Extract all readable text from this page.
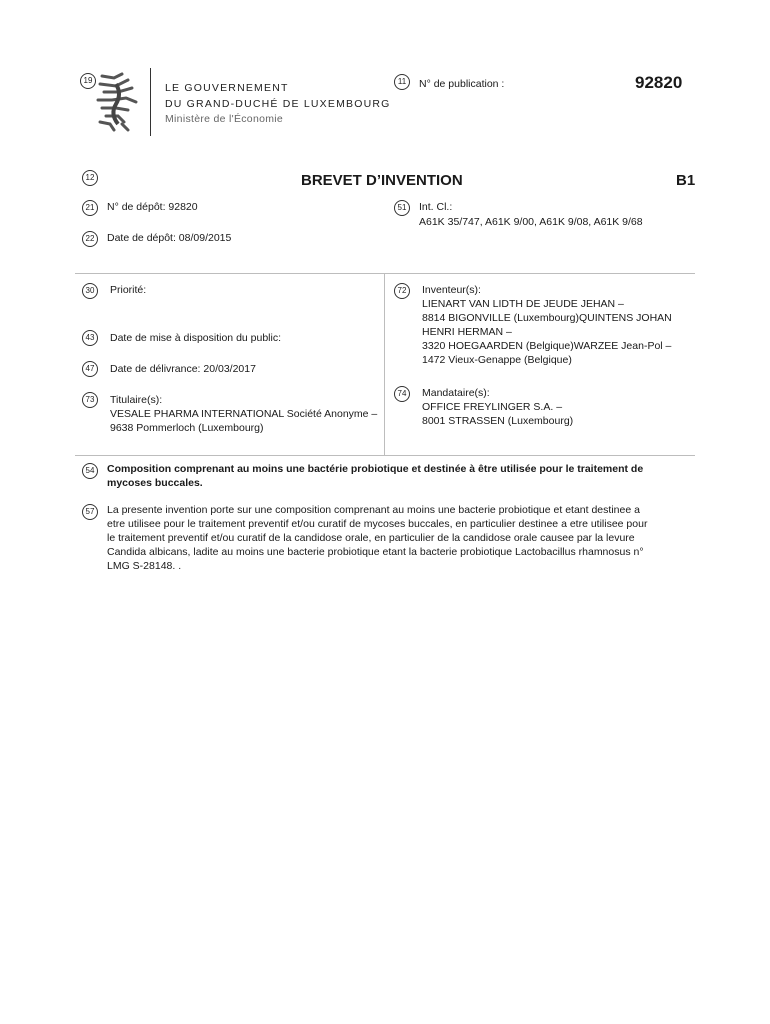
19
LE GOUVERNEMENT
DU GRAND-DUCHÉ DE LUXEMBOURG
Ministère de l'Économie
11	N° de publication :	92820
12	BREVET D’INVENTION	B1
21	N° de dépôt: 92820
22	Date de dépôt: 08/09/2015
51	Int. Cl.:
A61K 35/747, A61K 9/00, A61K 9/08, A61K 9/68
30	Priorité:
43	Date de mise à disposition du public:
47	Date de délivrance: 20/03/2017
73	Titulaire(s):
VESALE PHARMA INTERNATIONAL Société Anonyme –
9638 Pommerloch (Luxembourg)
72	Inventeur(s):
LIENART VAN LIDTH DE JEUDE JEHAN –
8814 BIGONVILLE (Luxembourg)QUINTENS JOHAN
HENRI HERMAN –
3320 HOEGAARDEN (Belgique)WARZEE Jean-Pol –
1472 Vieux-Genappe (Belgique)
74	Mandataire(s):
OFFICE FREYLINGER S.A. –
8001 STRASSEN (Luxembourg)
54	Composition comprenant au moins une bactérie probiotique et destinée à être utilisée pour le traitement de
mycoses buccales.
57	La presente invention porte sur une composition comprenant au moins une bacterie probiotique et etant destinee a
etre utilisee pour le traitement preventif et/ou curatif de mycoses buccales, en particulier destinee a etre utilisee pour
le traitement preventif et/ou curatif de la candidose orale, en particulier de la candidose orale causee par la levure
Candida albicans, ladite au moins une bacterie probiotique etant la bacterie probiotique Lactobacillus rhamnosus n°
LMG S-28148. .
